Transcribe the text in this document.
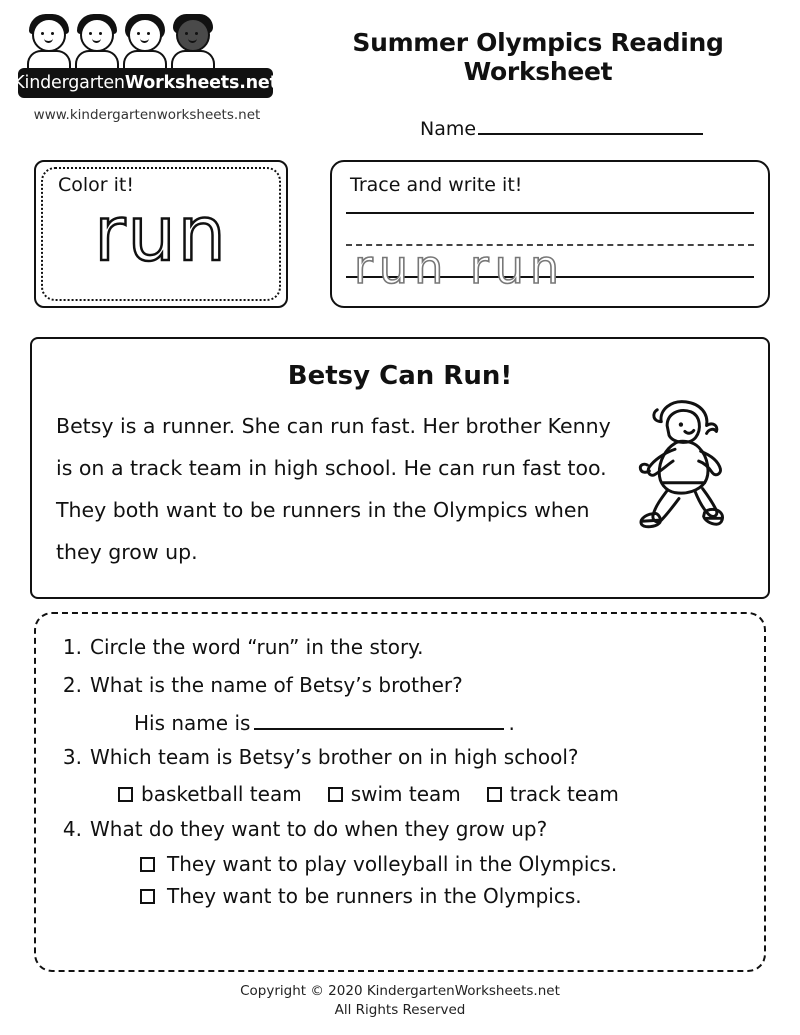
Kindergarten Worksheets .net
www.kindergartenworksheets.net
Summer Olympics Reading Worksheet
Name
Color it!
run
Trace and write it!
run run
Betsy Can Run!
Betsy is a runner. She can run fast. Her brother Kenny is on a track team in high school. He can run fast too. They both want to be runners in the Olympics when they grow up.
1. Circle the word “run” in the story.
2. What is the name of Betsy’s brother?
His name is	.
3. Which team is Betsy’s brother on in high school?
basketball team swim team track team
4. What do they want to do when they grow up?
They want to play volleyball in the Olympics.
They want to be runners in the Olympics.
Copyright © 2020 KindergartenWorksheets.net
All Rights Reserved
